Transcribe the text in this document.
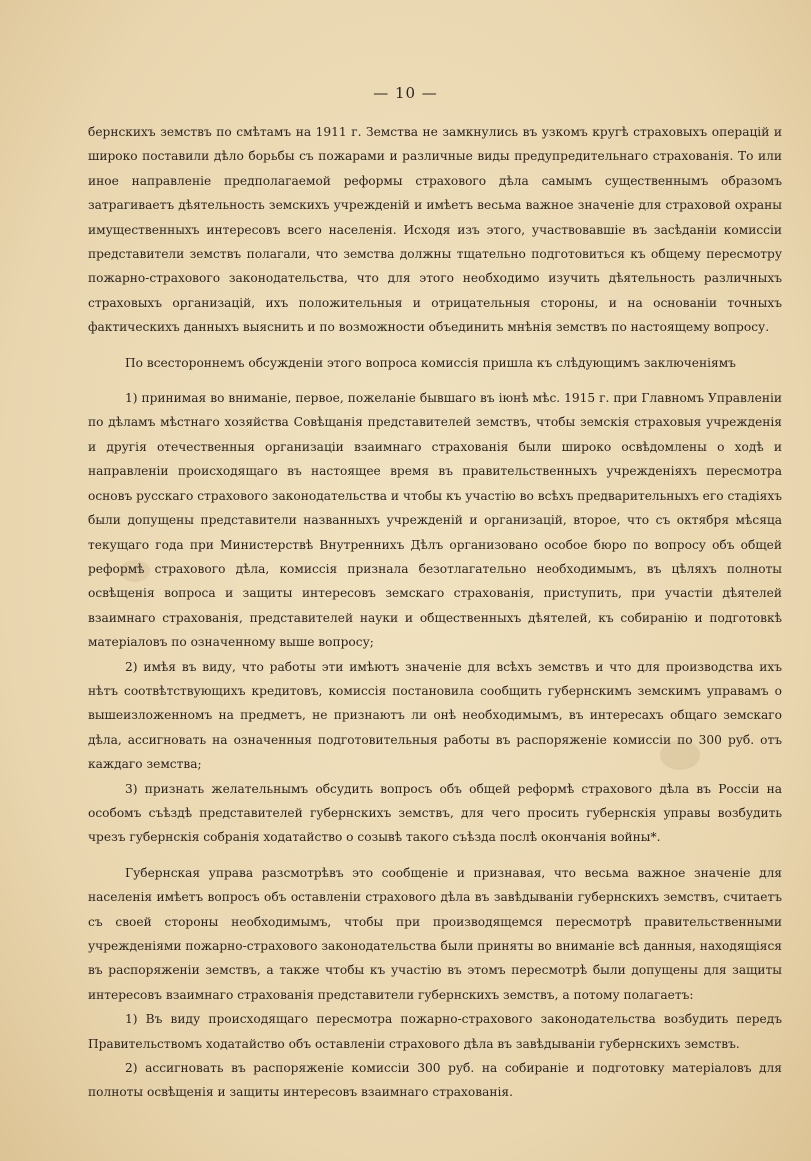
— 10 —

бернскихъ земствъ по смѣтамъ на 1911 г. Земства не замкнулись въ узкомъ кругѣ страховыхъ операцій и широко поставили дѣло борьбы съ пожарами и различные виды предупредительнаго страхованія. То или иное направленіе предполагаемой реформы страхового дѣла самымъ существеннымъ образомъ затрагиваетъ дѣятельность земскихъ учрежденій и имѣетъ весьма важное значеніе для страховой охраны имущественныхъ интересовъ всего населенія. Исходя изъ этого, участвовавшіе въ засѣданіи комиссіи представители земствъ полагали, что земства должны тщательно подготовиться къ общему пересмотру пожарно-страхового законодательства, что для этого необходимо изучить дѣятельность различныхъ страховыхъ организацій, ихъ положительныя и отрицательныя стороны, и на основаніи точныхъ фактическихъ данныхъ выяснить и по возможности объединить мнѣнія земствъ по настоящему вопросу.

По всестороннемъ обсужденіи этого вопроса комиссія пришла къ слѣдующимъ заключеніямъ

1) принимая во вниманіе, первое, пожеланіе бывшаго въ іюнѣ мѣс. 1915 г. при Главномъ Управленіи по дѣламъ мѣстнаго хозяйства Совѣщанія представителей земствъ, чтобы земскія страховыя учрежденія и другія отечественныя организаціи взаимнаго страхованія были широко освѣдомлены о ходѣ и направленіи происходящаго въ настоящее время въ правительственныхъ учрежденіяхъ пересмотра основъ русскаго страхового законодательства и чтобы къ участію во всѣхъ предварительныхъ его стадіяхъ были допущены представители названныхъ учрежденій и организацій, второе, что съ октября мѣсяца текущаго года при Министерствѣ Внутреннихъ Дѣлъ организовано особое бюро по вопросу объ общей реформѣ страхового дѣла, комиссія признала безотлагательно необходимымъ, въ цѣляхъ полноты освѣщенія вопроса и защиты интересовъ земскаго страхованія, приступить, при участіи дѣятелей взаимнаго страхованія, представителей науки и общественныхъ дѣятелей, къ собиранію и подготовкѣ матеріаловъ по означенному выше вопросу;

2) имѣя въ виду, что работы эти имѣютъ значеніе для всѣхъ земствъ и что для производства ихъ нѣтъ соотвѣтствующихъ кредитовъ, комиссія постановила сообщить губернскимъ земскимъ управамъ о вышеизложенномъ на предметъ, не признаютъ ли онѣ необходимымъ, въ интересахъ общаго земскаго дѣла, ассигновать на означенныя подготовительныя работы въ распоряженіе комиссіи по 300 руб. отъ каждаго земства;

3) признать желательнымъ обсудить вопросъ объ общей реформѣ страхового дѣла въ Россіи на особомъ съѣздѣ представителей губернскихъ земствъ, для чего просить губернскія управы возбудить чрезъ губернскія собранія ходатайство о созывѣ такого съѣзда послѣ окончанія войны*.

Губернская управа разсмотрѣвъ это сообщеніе и признавая, что весьма важное значеніе для населенія имѣетъ вопросъ объ оставленіи страхового дѣла въ завѣдываніи губернскихъ земствъ, считаетъ съ своей стороны необходимымъ, чтобы при производящемся пересмотрѣ правительственными учрежденіями пожарно-страхового законодательства были приняты во вниманіе всѣ данныя, находящіяся въ распоряженіи земствъ, а также чтобы къ участію въ этомъ пересмотрѣ были допущены для защиты интересовъ взаимнаго страхованія представители губернскихъ земствъ, а потому полагаетъ:

1) Въ виду происходящаго пересмотра пожарно-страхового законодательства возбудить передъ Правительствомъ ходатайство объ оставленіи страхового дѣла въ завѣдываніи губернскихъ земствъ.

2) ассигновать въ распоряженіе комиссіи 300 руб. на собираніе и подготовку матеріаловъ для полноты освѣщенія и защиты интересовъ взаимнаго страхованія.
